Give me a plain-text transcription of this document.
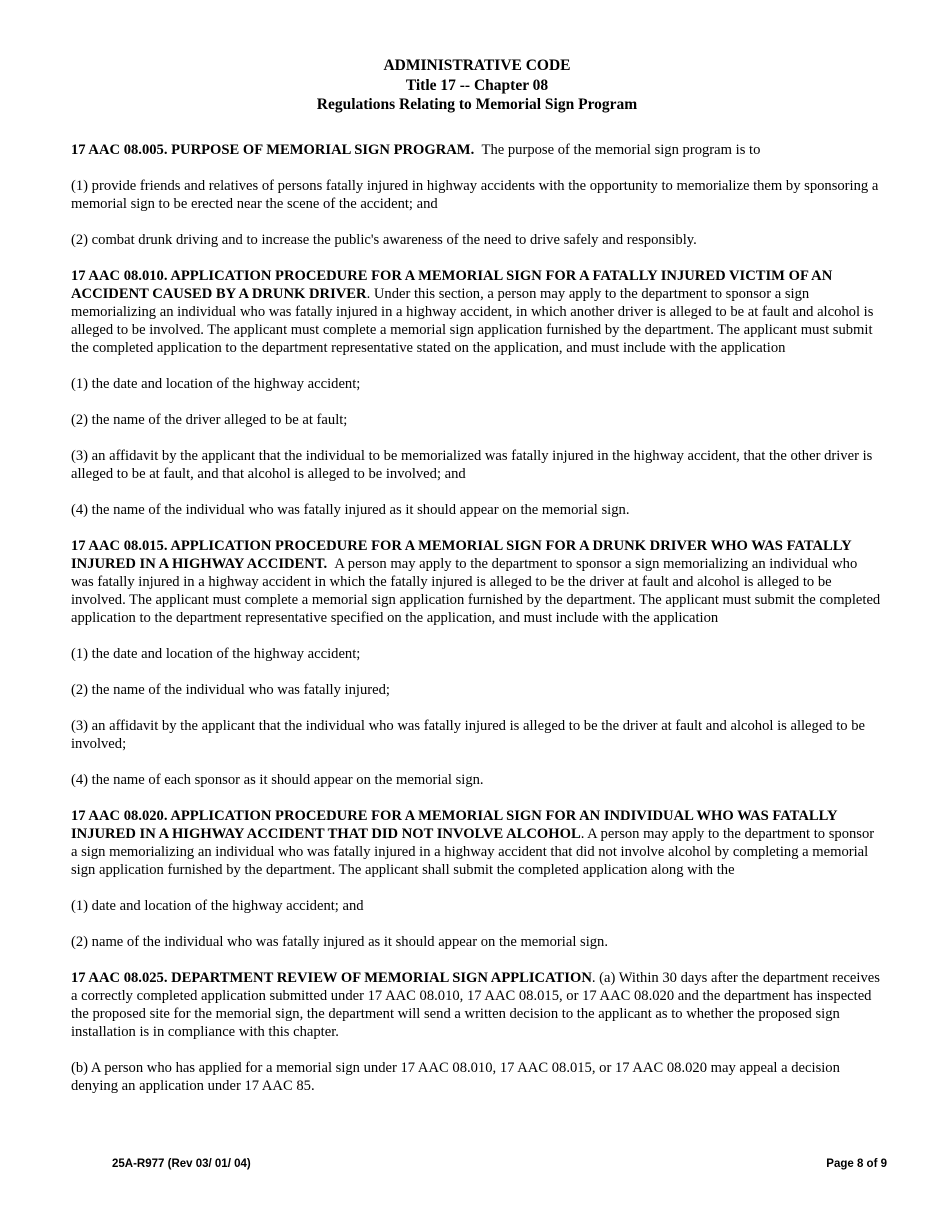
ADMINISTRATIVE CODE
Title 17 -- Chapter 08
Regulations Relating to Memorial Sign Program

17 AAC 08.005. PURPOSE OF MEMORIAL SIGN PROGRAM. The purpose of the memorial sign program is to

(1) provide friends and relatives of persons fatally injured in highway accidents with the opportunity to memorialize them by sponsoring a memorial sign to be erected near the scene of the accident; and

(2) combat drunk driving and to increase the public's awareness of the need to drive safely and responsibly.

17 AAC 08.010. APPLICATION PROCEDURE FOR A MEMORIAL SIGN FOR A FATALLY INJURED VICTIM OF AN ACCIDENT CAUSED BY A DRUNK DRIVER. Under this section, a person may apply to the department to sponsor a sign memorializing an individual who was fatally injured in a highway accident, in which another driver is alleged to be at fault and alcohol is alleged to be involved. The applicant must complete a memorial sign application furnished by the department. The applicant must submit the completed application to the department representative stated on the application, and must include with the application

(1) the date and location of the highway accident;

(2) the name of the driver alleged to be at fault;

(3) an affidavit by the applicant that the individual to be memorialized was fatally injured in the highway accident, that the other driver is alleged to be at fault, and that alcohol is alleged to be involved; and

(4) the name of the individual who was fatally injured as it should appear on the memorial sign.

17 AAC 08.015. APPLICATION PROCEDURE FOR A MEMORIAL SIGN FOR A DRUNK DRIVER WHO WAS FATALLY INJURED IN A HIGHWAY ACCIDENT. A person may apply to the department to sponsor a sign memorializing an individual who was fatally injured in a highway accident in which the fatally injured is alleged to be the driver at fault and alcohol is alleged to be involved. The applicant must complete a memorial sign application furnished by the department. The applicant must submit the completed application to the department representative specified on the application, and must include with the application

(1) the date and location of the highway accident;

(2) the name of the individual who was fatally injured;

(3) an affidavit by the applicant that the individual who was fatally injured is alleged to be the driver at fault and alcohol is alleged to be involved;

(4) the name of each sponsor as it should appear on the memorial sign.

17 AAC 08.020. APPLICATION PROCEDURE FOR A MEMORIAL SIGN FOR AN INDIVIDUAL WHO WAS FATALLY INJURED IN A HIGHWAY ACCIDENT THAT DID NOT INVOLVE ALCOHOL. A person may apply to the department to sponsor a sign memorializing an individual who was fatally injured in a highway accident that did not involve alcohol by completing a memorial sign application furnished by the department. The applicant shall submit the completed application along with the

(1) date and location of the highway accident; and

(2) name of the individual who was fatally injured as it should appear on the memorial sign.

17 AAC 08.025. DEPARTMENT REVIEW OF MEMORIAL SIGN APPLICATION. (a) Within 30 days after the department receives a correctly completed application submitted under 17 AAC 08.010, 17 AAC 08.015, or 17 AAC 08.020 and the department has inspected the proposed site for the memorial sign, the department will send a written decision to the applicant as to whether the proposed sign installation is in compliance with this chapter.

(b) A person who has applied for a memorial sign under 17 AAC 08.010, 17 AAC 08.015, or 17 AAC 08.020 may appeal a decision denying an application under 17 AAC 85.

25A-R977 (Rev 03/ 01/ 04)	Page 8 of 9
